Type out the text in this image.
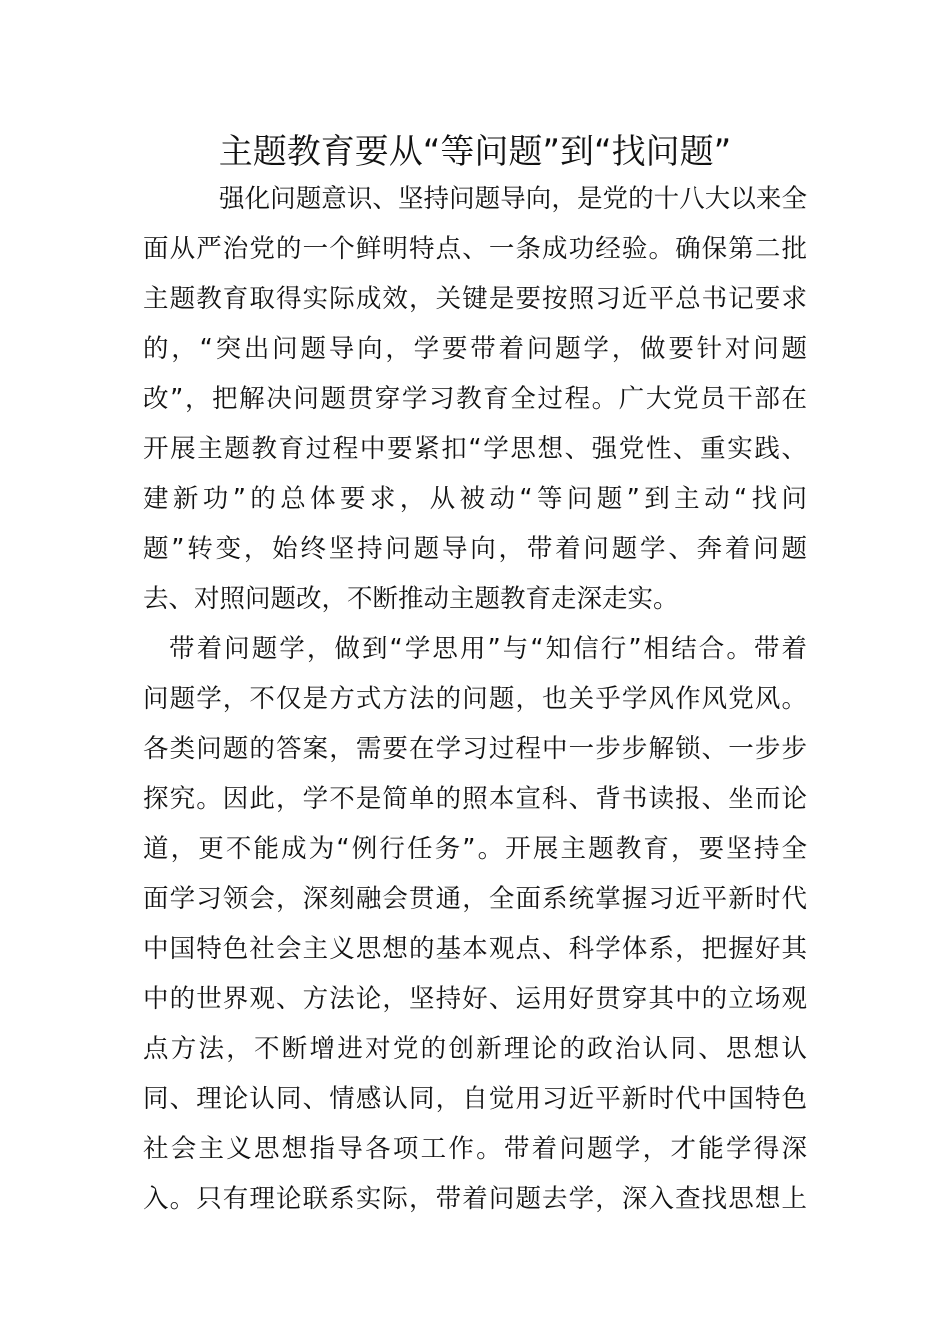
主题教育要从“等问题”到“找问题”
强化问题意识、坚持问题导向，是党的十八大以来全
面从严治党的一个鲜明特点、一条成功经验。确保第二批
主题教育取得实际成效，关键是要按照习近平总书记要求
的，“突出问题导向，学要带着问题学，做要针对问题
改”，把解决问题贯穿学习教育全过程。广大党员干部在
开展主题教育过程中要紧扣“学思想、强党性、重实践、
建新功”的总体要求，从被动“等问题”到主动“找问
题”转变，始终坚持问题导向，带着问题学、奔着问题
去、对照问题改，不断推动主题教育走深走实。
带着问题学，做到“学思用”与“知信行”相结合。带着
问题学，不仅是方式方法的问题，也关乎学风作风党风。
各类问题的答案，需要在学习过程中一步步解锁、一步步
探究。因此，学不是简单的照本宣科、背书读报、坐而论
道，更不能成为“例行任务”。开展主题教育，要坚持全
面学习领会，深刻融会贯通，全面系统掌握习近平新时代
中国特色社会主义思想的基本观点、科学体系，把握好其
中的世界观、方法论，坚持好、运用好贯穿其中的立场观
点方法，不断增进对党的创新理论的政治认同、思想认
同、理论认同、情感认同，自觉用习近平新时代中国特色
社会主义思想指导各项工作。带着问题学，才能学得深
入。只有理论联系实际，带着问题去学，深入查找思想上
